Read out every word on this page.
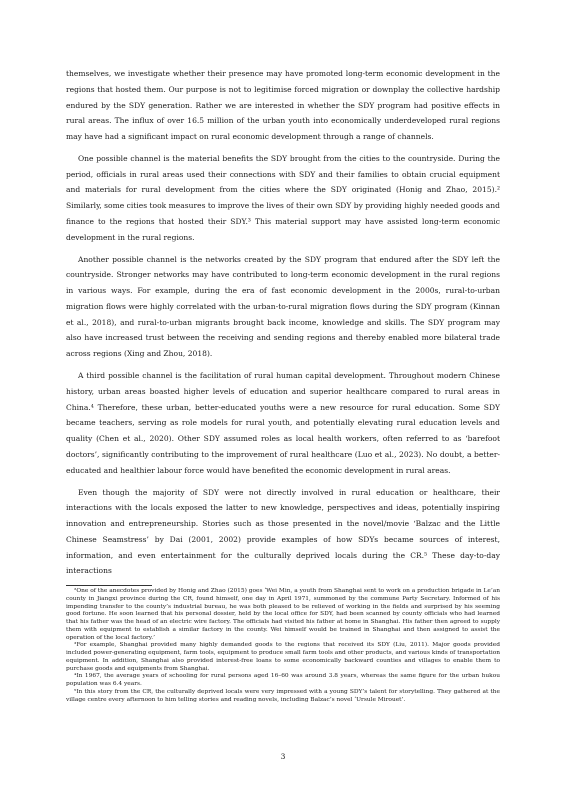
themselves, we investigate whether their presence may have promoted long-term economic development in the regions that hosted them. Our purpose is not to legitimise forced migration or downplay the collective hardship endured by the SDY generation. Rather we are interested in whether the SDY program had positive effects in rural areas. The influx of over 16.5 million of the urban youth into economically underdeveloped rural regions may have had a significant impact on rural economic development through a range of channels.

One possible channel is the material benefits the SDY brought from the cities to the countryside. During the period, officials in rural areas used their connections with SDY and their families to obtain crucial equipment and materials for rural development from the cities where the SDY originated (Honig and Zhao, 2015).² Similarly, some cities took measures to improve the lives of their own SDY by providing highly needed goods and finance to the regions that hosted their SDY.³ This material support may have assisted long-term economic development in the rural regions.

Another possible channel is the networks created by the SDY program that endured after the SDY left the countryside. Stronger networks may have contributed to long-term economic development in the rural regions in various ways. For example, during the era of fast economic development in the 2000s, rural-to-urban migration flows were highly correlated with the urban-to-rural migration flows during the SDY program (Kinnan et al., 2018), and rural-to-urban migrants brought back income, knowledge and skills. The SDY program may also have increased trust between the receiving and sending regions and thereby enabled more bilateral trade across regions (Xing and Zhou, 2018).

A third possible channel is the facilitation of rural human capital development. Throughout modern Chinese history, urban areas boasted higher levels of education and superior healthcare compared to rural areas in China.⁴ Therefore, these urban, better-educated youths were a new resource for rural education. Some SDY became teachers, serving as role models for rural youth, and potentially elevating rural education levels and quality (Chen et al., 2020). Other SDY assumed roles as local health workers, often referred to as ‘barefoot doctors’, significantly contributing to the improvement of rural healthcare (Luo et al., 2023). No doubt, a better-educated and healthier labour force would have benefited the economic development in rural areas.

Even though the majority of SDY were not directly involved in rural education or healthcare, their interactions with the locals exposed the latter to new knowledge, perspectives and ideas, potentially inspiring innovation and entrepreneurship. Stories such as those presented in the novel/movie ‘Balzac and the Little Chinese Seamstress’ by Dai (2001, 2002) provide examples of how SDYs became sources of interest, information, and even entertainment for the culturally deprived locals during the CR.⁵ These day-to-day interactions

²One of the anecdotes provided by Honig and Zhao (2015) goes ‘Wei Min, a youth from Shanghai sent to work on a production brigade in Le’an county in Jiangxi province during the CR, found himself, one day in April 1971, summoned by the commune Party Secretary. Informed of his impending transfer to the county’s industrial bureau, he was both pleased to be relieved of working in the fields and surprised by his seeming good fortune. He soon learned that his personal dossier, held by the local office for SDY, had been scanned by county officials who had learned that his father was the head of an electric wire factory. The officials had visited his father at home in Shanghai. His father then agreed to supply them with equipment to establish a similar factory in the county. Wei himself would be trained in Shanghai and then assigned to assist the operation of the local factory.’

³For example, Shanghai provided many highly demanded goods to the regions that received its SDY (Liu, 2011). Major goods provided included power-generating equipment, farm tools, equipment to produce small farm tools and other products, and various kinds of transportation equipment. In addition, Shanghai also provided interest-free loans to some economically backward counties and villages to enable them to purchase goods and equipments from Shanghai.

⁴In 1967, the average years of schooling for rural persons aged 16–60 was around 3.8 years, whereas the same figure for the urban hukou population was 6.4 years.

⁵In this story from the CR, the culturally deprived locals were very impressed with a young SDY’s talent for storytelling. They gathered at the village centre every afternoon to him telling stories and reading novels, including Balzac’s novel ‘Ursule Mirouet’.

3
